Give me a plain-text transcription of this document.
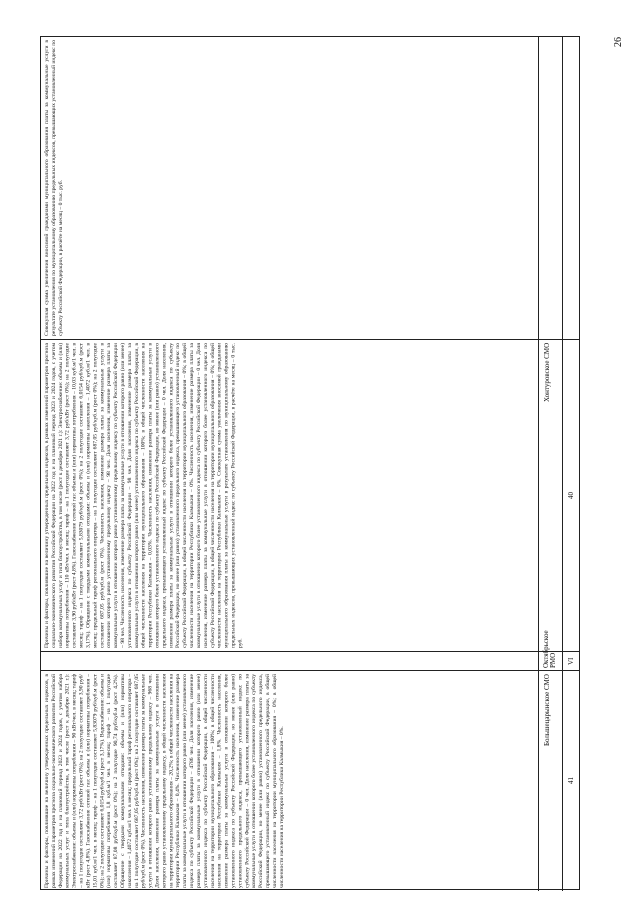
26
Совокупная сумма увеличения вносимой гражданами муниципального образования платы за коммунальные услуги в результате установления по муниципальному образованию предельных индексов, превышающих установленный индекс по субъекту Российской Федерации, в расчёте на месяц – 0 тыс. руб.
Причины и факторы, повлиявшие на величину утвержденных предельных индексов, в рамках изменений параметров прогноза социально-экономического развития Российской Федерации на 2022 год и на плановый период 2023 и 2024 годов, с учетом набора коммунальных услуг и типа благоустройства, в том числе (рост к декабрю 2021 г.): Электроснабжение: объемы и (или) нормативы потребления – 110 кВт/чел. в месяц; тариф – на 1 полугодие составляет 3,72 руб/кВт (рост 0%); на 2 полугодие составляет 3,90 руб/кВт (рост 4,8%). Газоснабжение сетевой газ: объемы и (или) нормативы потребления – 10,03 куб.м/1 чел. в месяц; тариф – на 1 полугодие составляет 5,83079 руб/куб.м (рост 0%); на 2 полугодие составляет 6,0154 руб/куб.м (рост 3,17%). Обращение с твердыми коммунальными отходами: объемы и (или) нормативы накопления – 1,4072 куб.м/1 чел. в месяц; предельный тариф регионального оператора – на 1 полугодие составляет 687,05 руб/куб.м (рост 0%); на 2 полугодие составляет 687,05 руб/куб.м (рост 0%). Численность населения, изменение размера платы за коммунальные услуги в отношении которого равно установленному предельному индексу – 98 чел. Доля населения, изменение размера платы за коммунальные услуги в отношении которого равно установленному предельному индексу по субъекту Российской Федерации – 98 чел. Численность населения, изменение размера платы за коммунальные услуги в отношении которого равно (или менее) установленного индекса по субъекту Российской Федерации – 98 чел. Доля населения, изменение размера платы за коммунальные услуги в отношении которого равно (или менее) установленного индекса по субъекту Российской Федерации, в общей численности населения на территории муниципального образования – 100%; в общей численности населения на территории Республики Калмыкия – 0,03%. Численность населения, изменение размера платы за коммунальные услуги в отношении которого более установленного индекса по субъекту Российской Федерации, но менее (или равно) установленного предельного индекса, превышающего установленный индекс по субъекту Российской Федерации – 0 чел. Доля населения, изменение размера платы за коммунальные услуги в отношении которого более установленного индекса по субъекту Российской Федерации, но менее (или равно) установленного предельного индекса, превышающего установленный индекс по субъекту Российской Федерации, в общей численности населения на территории муниципального образования – 0%; в общей численности населения на территории Республики Калмыкия – 0%. Численность населения, изменение размера платы за коммунальные услуги в отношении которого более установленного индекса по субъекту Российской Федерации – 0 чел. Доля населения, изменение размера платы за коммунальные услуги в отношении которого более установленного индекса по субъекту Российской Федерации, в общей численности населения на территории муниципального образования – 0%; в общей численности населения на территории Республики Калмыкия – 0%. Совокупная сумма увеличения вносимой гражданами муниципального образования платы за коммунальные услуги в результате установления по муниципальному образованию предельных индексов, превышающих установленный индекс по субъекту Российской Федерации, в расчёте на месяц – 0 тыс. руб.
Хонтуровское СМО
40
Октябрьское РМО VI
Причины и факторы, повлиявшие на величину утвержденных предельных индексов, в рамках изменений параметров прогноза социально-экономического развития Российской Федерации на 2022 год и на плановый период 2023 и 2024 годов, с учетом набора коммунальных услуг и типа благоустройства, в том числе (рост к декабрю 2021 г.): Электроснабжение: объемы и (или) нормативы потребления – 90 кВт/чел. в месяц; тариф – на 1 полугодие составляет 3,72 руб/кВт (рост 0%); на 2 полугодие составляет 3,90 руб/кВт (рост 4,8%). Газоснабжение сетевой газ: объемы и (или) нормативы потребления – 15,01 куб.м/1 чел. в месяц; тариф – на 1 полугодие составляет 5,83079 руб/куб.м (рост 0%); на 2 полугодие составляет 6,0154 руб/куб.м (рост 3,17%). Водоснабжение: объемы и (или) нормативы потребления 1,8 куб.м/1 чел. в месяц; тариф – на 1 полугодие составляет 87,08 руб/куб.м (рост 0%); на 2 полугодие 90,74 руб/куб.м (рост 4,2%). Обращение с твердыми коммунальными отходами: объемы и (или) нормативы накопления – 1,4072 куб.м/1 чел. в месяц; предельный тариф регионального оператора – на 1 полугодие составляет 687,05 руб/куб.м (рост 0%); на 2 полугодие составляет 687,05 руб/куб.м (рост 0%). Численность населения, изменение размера платы за коммунальные услуги в отношении которого равно установленному предельному индексу – 968 чел. Доля населения, изменение размера платы за коммунальные услуги в отношении которого равно установленному предельному индексу, в общей численности населения на территории муниципального образования – 20,2%; в общей численности населения на территории Республики Калмыкия – 0,4%. Численность населения, изменение размера платы за коммунальные услуги в отношении которого равно (или менее) установленного индекса по субъекту Российской Федерации – 4786 чел. Доля населения, изменение размера платы за коммунальные услуги в отношении которого равно (или менее) установленного индекса по субъекту Российской Федерации, в общей численности населения на территории муниципального образования – 100%; в общей численности населения на территории Республики Калмыкия – 1,8%. Численность населения, изменение размера платы за коммунальные услуги в отношении которого более установленного индекса по субъекту Российской Федерации, но менее (или равно) установленного предельного индекса, превышающего установленный индекс по субъекту Российской Федерации – 0 чел. Доля населения, изменение размера платы за коммунальные услуги в отношении которого более установленного индекса по субъекту Российской Федерации, но менее (или равно) установленного предельного индекса, превышающего установленный индекс по субъекту Российской Федерации, в общей численности населения на территории муниципального образования – 0%; в общей численности населения на территории Республики Калмыкия – 0%.
Большецарынское СМО
41
